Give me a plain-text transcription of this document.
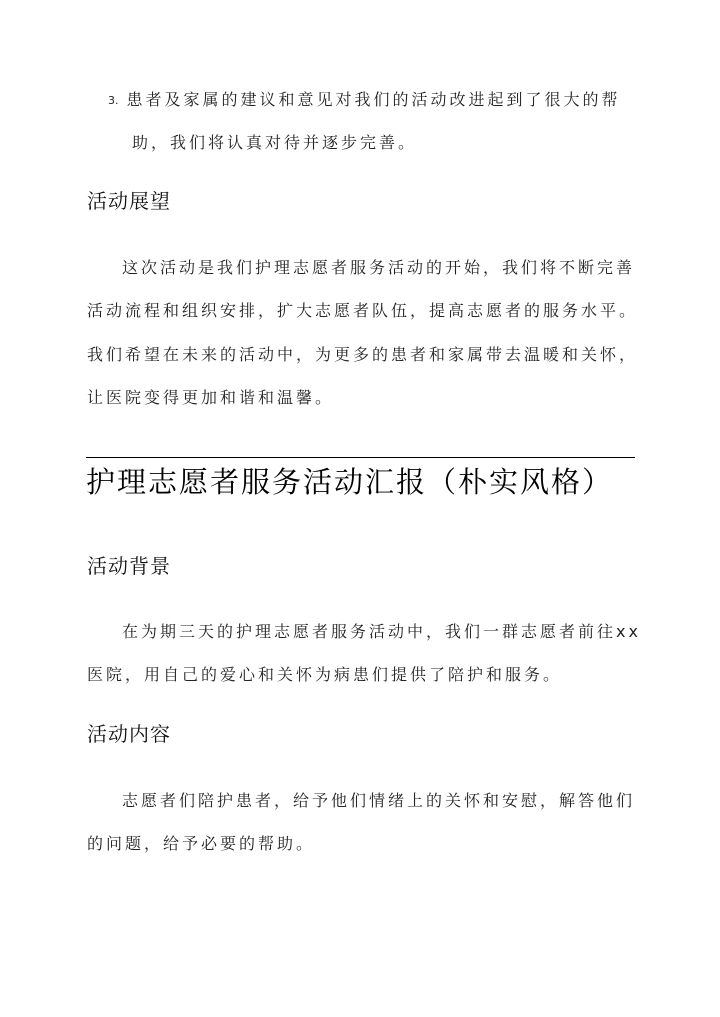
3. 患者及家属的建议和意见对我们的活动改进起到了很大的帮
助，我们将认真对待并逐步完善。
活动展望
这次活动是我们护理志愿者服务活动的开始，我们将不断完善
活动流程和组织安排，扩大志愿者队伍，提高志愿者的服务水平。
我们希望在未来的活动中，为更多的患者和家属带去温暖和关怀，
让医院变得更加和谐和温馨。
护理志愿者服务活动汇报（朴实风格）
活动背景
在为期三天的护理志愿者服务活动中，我们一群志愿者前往xx
医院，用自己的爱心和关怀为病患们提供了陪护和服务。
活动内容
志愿者们陪护患者，给予他们情绪上的关怀和安慰，解答他们
的问题，给予必要的帮助。
